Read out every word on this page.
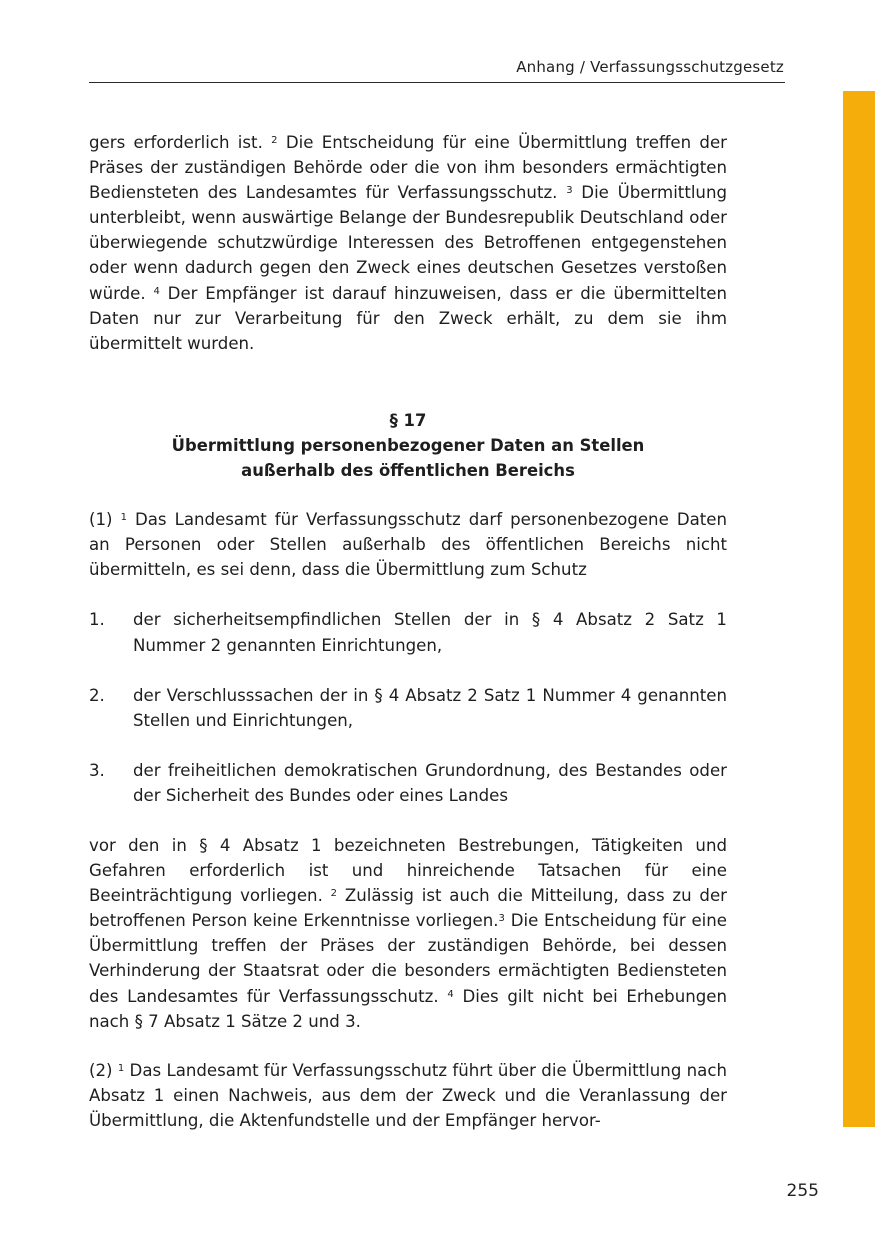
Anhang / Verfassungsschutzgesetz

gers erforderlich ist. $^2$ Die Entscheidung für eine Übermittlung treffen der Präses der zuständigen Behörde oder die von ihm besonders ermächtigten Bediensteten des Landesamtes für Verfassungsschutz. $^3$ Die Übermittlung unterbleibt, wenn auswärtige Belange der Bundesrepublik Deutschland oder überwiegende schutzwürdige Interessen des Betroffenen entgegenstehen oder wenn dadurch gegen den Zweck eines deutschen Gesetzes verstoßen würde. $^4$ Der Empfänger ist darauf hinzuweisen, dass er die übermittelten Daten nur zur Verarbeitung für den Zweck erhält, zu dem sie ihm übermittelt wurden.

§ 17
Übermittlung personenbezogener Daten an Stellen
außerhalb des öffentlichen Bereichs

(1) $^1$ Das Landesamt für Verfassungsschutz darf personenbezogene Daten an Personen oder Stellen außerhalb des öffentlichen Bereichs nicht übermitteln, es sei denn, dass die Übermittlung zum Schutz

1.	der sicherheitsempfindlichen Stellen der in § 4 Absatz 2 Satz 1 Nummer 2 genannten Einrichtungen,
2.	der Verschlusssachen der in § 4 Absatz 2 Satz 1 Nummer 4 genannten Stellen und Einrichtungen,
3.	der freiheitlichen demokratischen Grundordnung, des Bestandes oder der Sicherheit des Bundes oder eines Landes

vor den in § 4 Absatz 1 bezeichneten Bestrebungen, Tätigkeiten und Gefahren erforderlich ist und hinreichende Tatsachen für eine Beeinträchtigung vorliegen. $^2$ Zulässig ist auch die Mitteilung, dass zu der betroffenen Person keine Erkenntnisse vorliegen.$^3$ Die Entscheidung für eine Übermittlung treffen der Präses der zuständigen Behörde, bei dessen Verhinderung der Staatsrat oder die besonders ermächtigten Bediensteten des Landesamtes für Verfassungsschutz. $^4$ Dies gilt nicht bei Erhebungen nach § 7 Absatz 1 Sätze 2 und 3.

(2) $^1$ Das Landesamt für Verfassungsschutz führt über die Übermittlung nach Absatz 1 einen Nachweis, aus dem der Zweck und die Veranlassung der Übermittlung, die Aktenfundstelle und der Empfänger hervor-

255
